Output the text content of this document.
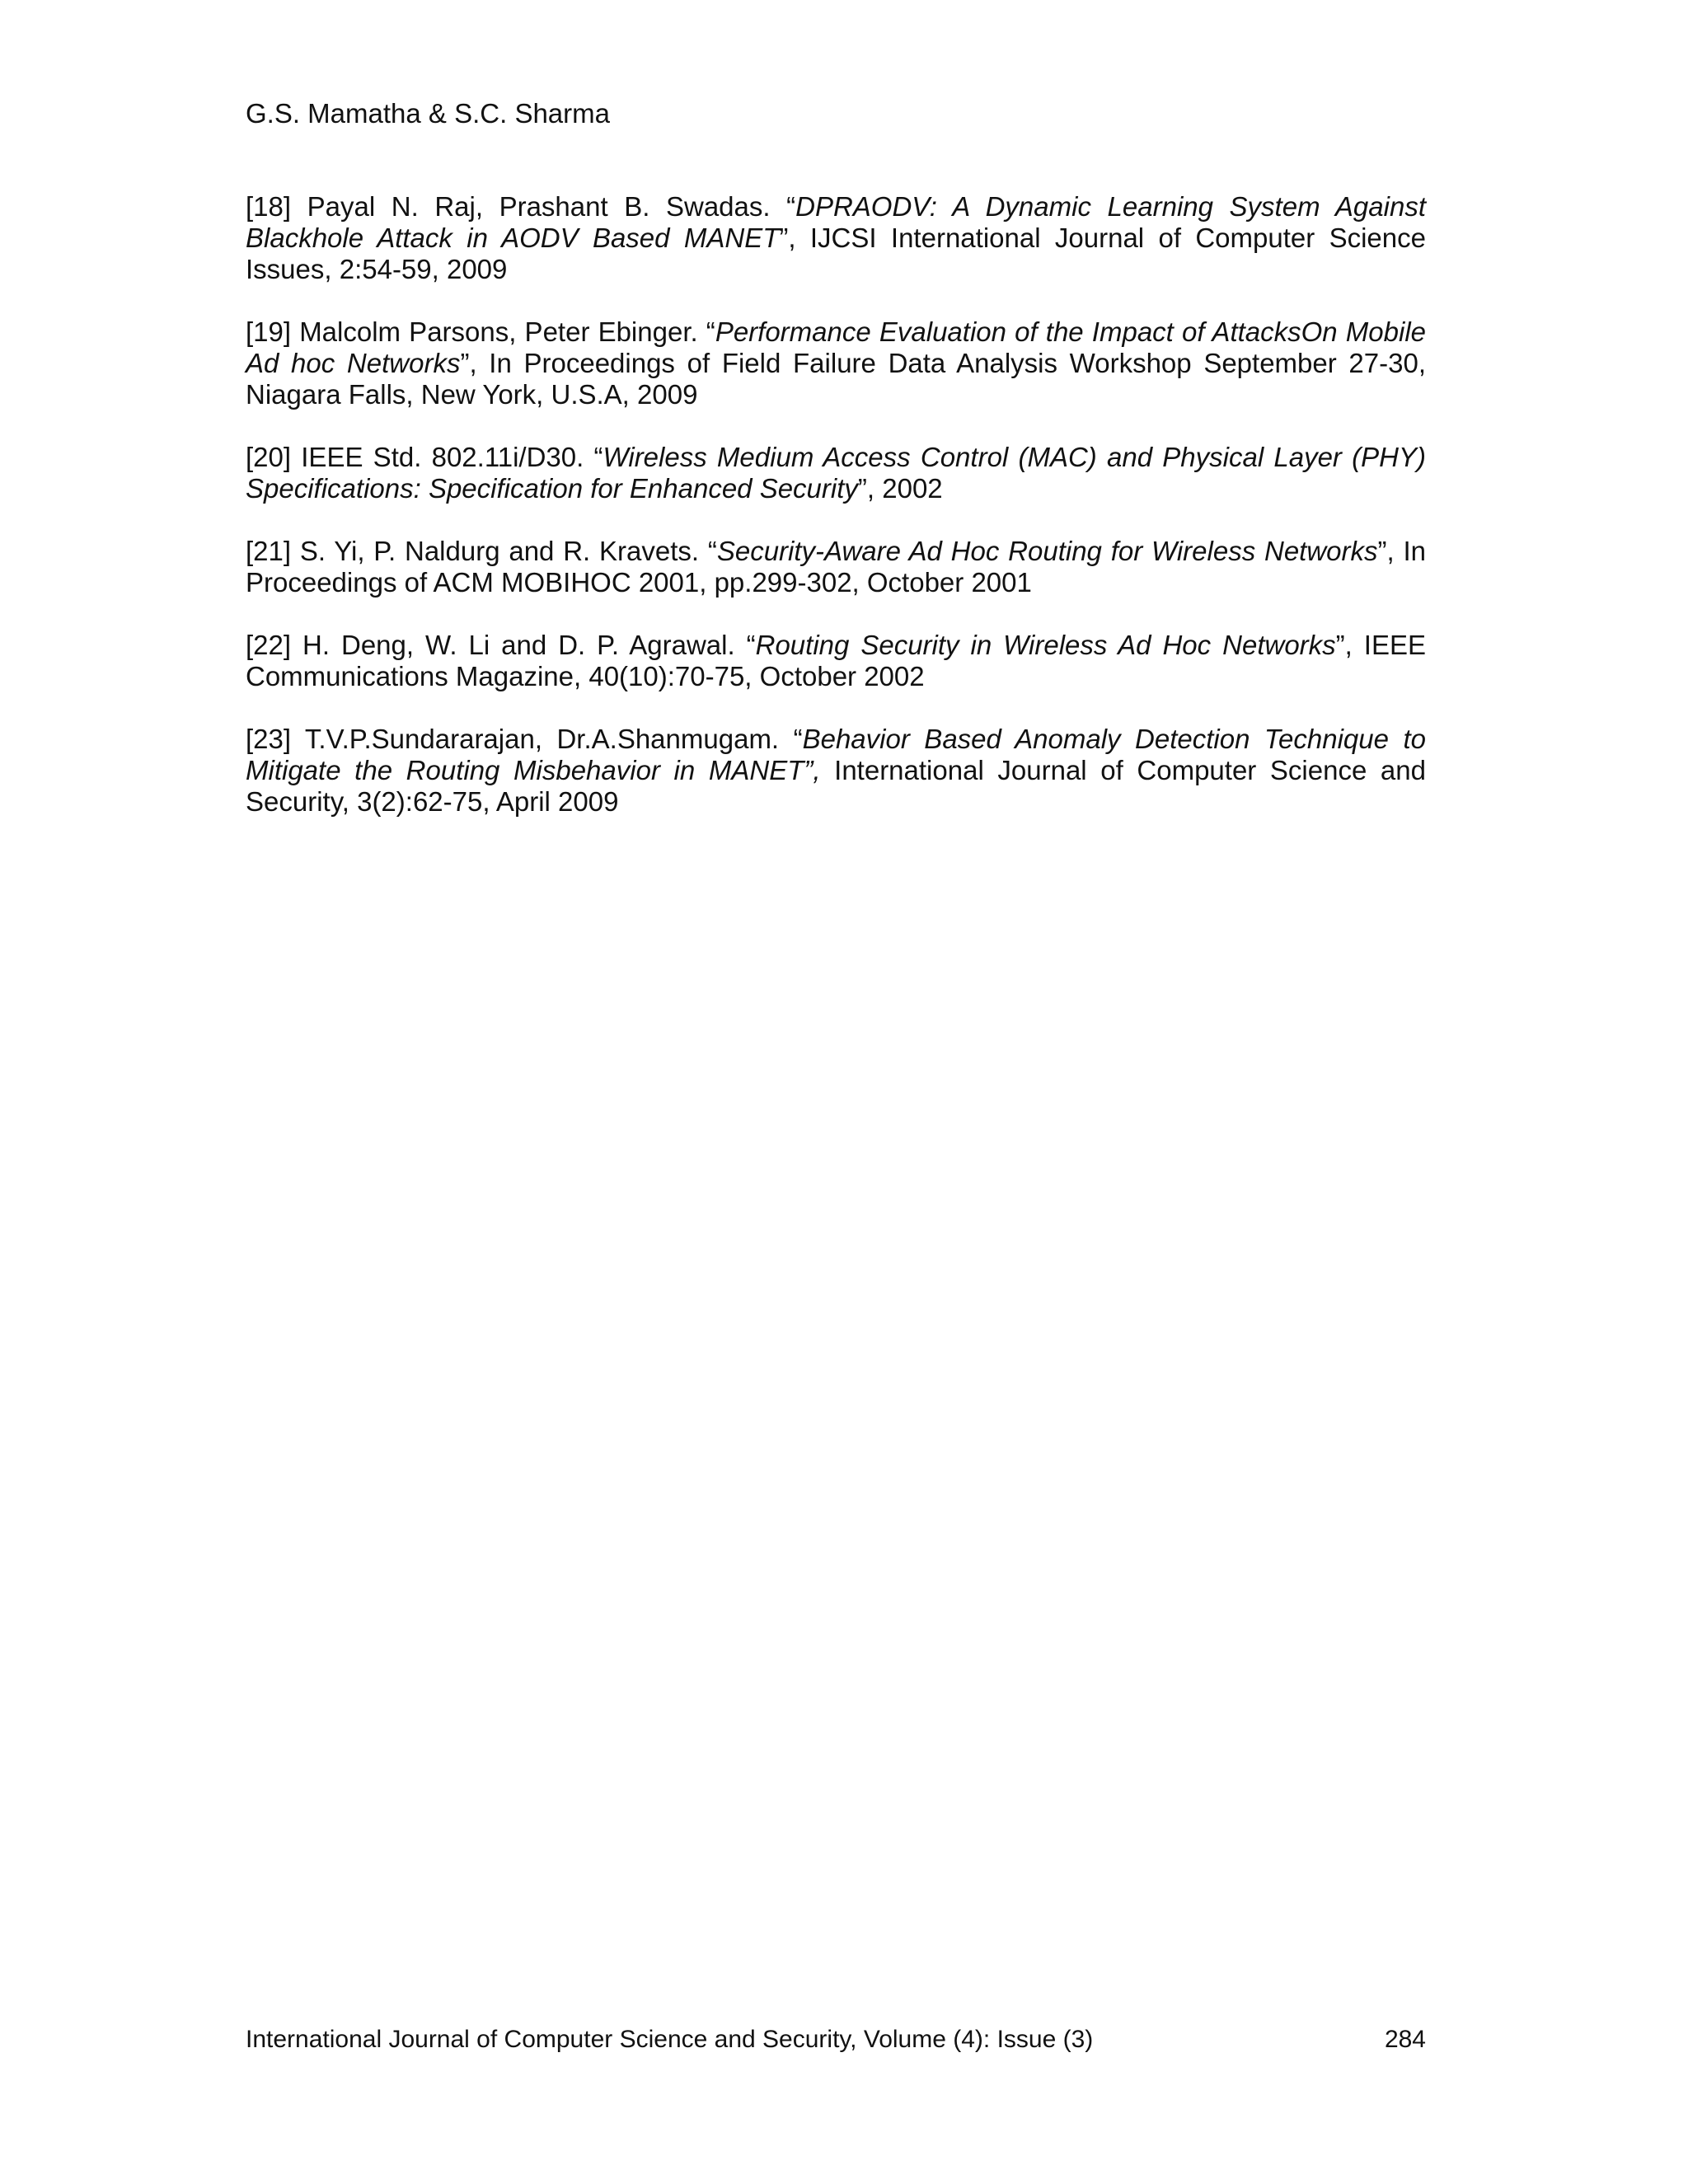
G.S. Mamatha & S.C. Sharma

[18] Payal N. Raj, Prashant B. Swadas. “DPRAODV: A Dynamic Learning System Against Blackhole Attack in AODV Based MANET”, IJCSI International Journal of Computer Science Issues, 2:54-59, 2009

[19] Malcolm Parsons, Peter Ebinger. “Performance Evaluation of the Impact of AttacksOn Mobile Ad hoc Networks”, In Proceedings of Field Failure Data Analysis Workshop September 27-30, Niagara Falls, New York, U.S.A, 2009

[20] IEEE Std. 802.11i/D30. “Wireless Medium Access Control (MAC) and Physical Layer (PHY) Specifications: Specification for Enhanced Security”, 2002

[21] S. Yi, P. Naldurg and R. Kravets. “Security-Aware Ad Hoc Routing for Wireless Networks”, In Proceedings of ACM MOBIHOC 2001, pp.299-302, October 2001

[22] H. Deng, W. Li and D. P. Agrawal. “Routing Security in Wireless Ad Hoc Networks”, IEEE Communications Magazine, 40(10):70-75, October 2002

[23] T.V.P.Sundararajan, Dr.A.Shanmugam. “Behavior Based Anomaly Detection Technique to Mitigate the Routing Misbehavior in MANET”, International Journal of Computer Science and Security, 3(2):62-75, April 2009

International Journal of Computer Science and Security, Volume (4): Issue (3)	284
